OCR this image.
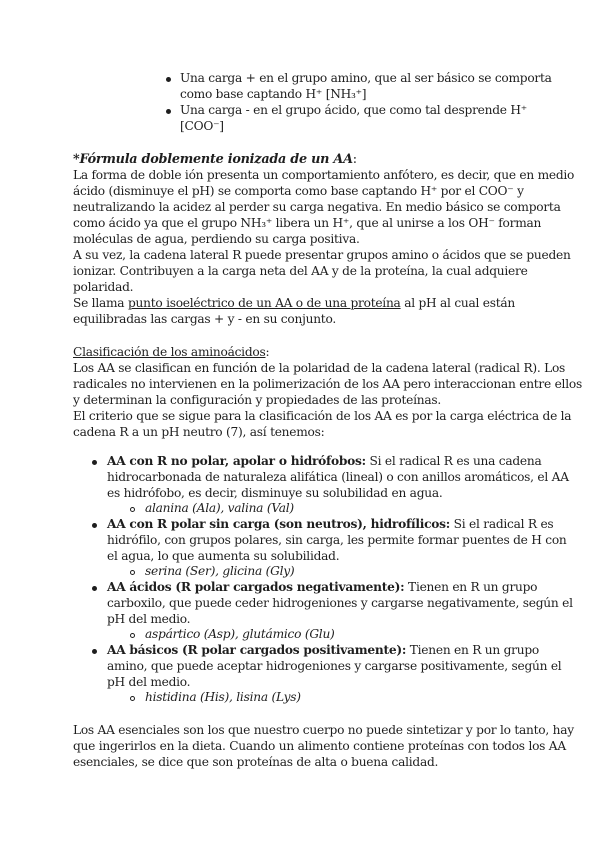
Una carga + en el grupo amino, que al ser básico se comporta
como base captando H⁺ [NH₃⁺]
Una carga - en el grupo ácido, que como tal desprende H⁺
[COO⁻]
*Fórmula doblemente ionizada de un AA:
La forma de doble ión presenta un comportamiento anfótero, es decir, que en medio
ácido (disminuye el pH) se comporta como base captando H⁺ por el COO⁻ y
neutralizando la acidez al perder su carga negativa. En medio básico se comporta
como ácido ya que el grupo NH₃⁺ libera un H⁺, que al unirse a los OH⁻ forman
moléculas de agua, perdiendo su carga positiva.
A su vez, la cadena lateral R puede presentar grupos amino o ácidos que se pueden
ionizar. Contribuyen a la carga neta del AA y de la proteína, la cual adquiere
polaridad.
Se llama punto isoeléctrico de un AA o de una proteína al pH al cual están
equilibradas las cargas + y - en su conjunto.
Clasificación de los aminoácidos:
Los AA se clasifican en función de la polaridad de la cadena lateral (radical R). Los
radicales no intervienen en la polimerización de los AA pero interaccionan entre ellos
y determinan la configuración y propiedades de las proteínas.
El criterio que se sigue para la clasificación de los AA es por la carga eléctrica de la
cadena R a un pH neutro (7), así tenemos:
AA con R no polar, apolar o hidrófobos: Si el radical R es una cadena
hidrocarbonada de naturaleza alifática (lineal) o con anillos aromáticos, el AA
es hidrófobo, es decir, disminuye su solubilidad en agua.
alanina (Ala), valina (Val)
AA con R polar sin carga (son neutros), hidrofílicos: Si el radical R es
hidrófilo, con grupos polares, sin carga, les permite formar puentes de H con
el agua, lo que aumenta su solubilidad.
serina (Ser), glicina (Gly)
AA ácidos (R polar cargados negativamente): Tienen en R un grupo
carboxilo, que puede ceder hidrogeniones y cargarse negativamente, según el
pH del medio.
aspártico (Asp), glutámico (Glu)
AA básicos (R polar cargados positivamente): Tienen en R un grupo
amino, que puede aceptar hidrogeniones y cargarse positivamente, según el
pH del medio.
histidina (His), lisina (Lys)
Los AA esenciales son los que nuestro cuerpo no puede sintetizar y por lo tanto, hay
que ingerirlos en la dieta. Cuando un alimento contiene proteínas con todos los AA
esenciales, se dice que son proteínas de alta o buena calidad.
